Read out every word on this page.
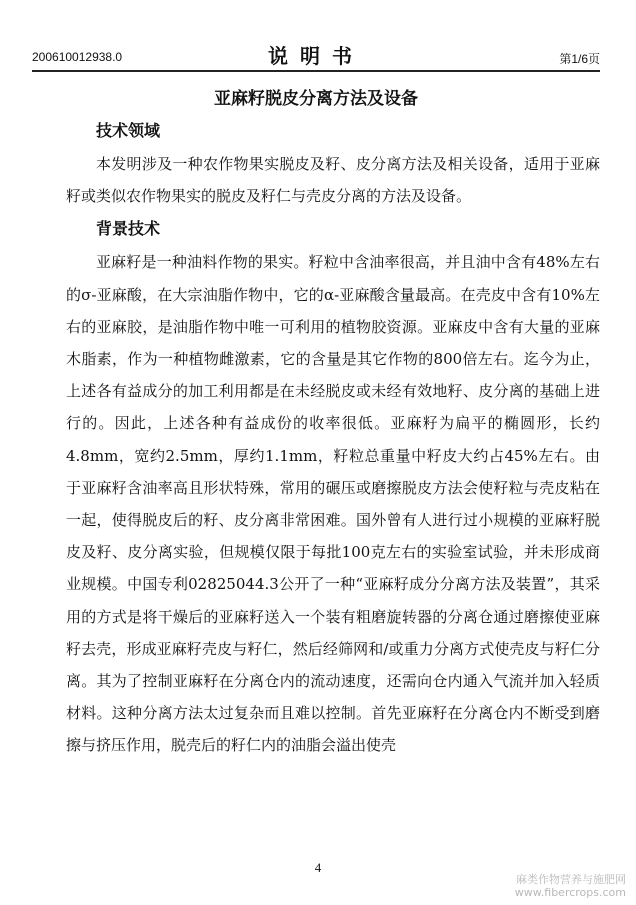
200610012938.0	说明书	第1/6页
亚麻籽脱皮分离方法及设备
技术领域

本发明涉及一种农作物果实脱皮及籽、皮分离方法及相关设备，适用于亚麻籽或类似农作物果实的脱皮及籽仁与壳皮分离的方法及设备。

背景技术

亚麻籽是一种油料作物的果实。籽粒中含油率很高，并且油中含有48%左右的σ-亚麻酸，在大宗油脂作物中，它的α-亚麻酸含量最高。在壳皮中含有10%左右的亚麻胶，是油脂作物中唯一可利用的植物胶资源。亚麻皮中含有大量的亚麻木脂素，作为一种植物雌激素，它的含量是其它作物的800倍左右。迄今为止，上述各有益成分的加工利用都是在未经脱皮或未经有效地籽、皮分离的基础上进行的。因此，上述各种有益成份的收率很低。亚麻籽为扁平的椭圆形，长约4.8mm，宽约2.5mm，厚约1.1mm，籽粒总重量中籽皮大约占45%左右。由于亚麻籽含油率高且形状特殊，常用的碾压或磨擦脱皮方法会使籽粒与壳皮粘在一起，使得脱皮后的籽、皮分离非常困难。国外曾有人进行过小规模的亚麻籽脱皮及籽、皮分离实验，但规模仅限于每批100克左右的实验室试验，并未形成商业规模。中国专利02825044.3公开了一种“亚麻籽成分分离方法及装置”，其采用的方式是将干燥后的亚麻籽送入一个装有粗磨旋转器的分离仓通过磨擦使亚麻籽去壳，形成亚麻籽壳皮与籽仁，然后经筛网和/或重力分离方式使壳皮与籽仁分离。其为了控制亚麻籽在分离仓内的流动速度，还需向仓内通入气流并加入轻质材料。这种分离方法太过复杂而且难以控制。首先亚麻籽在分离仓内不断受到磨擦与挤压作用，脱壳后的籽仁内的油脂会溢出使壳

4
麻类作物营养与施肥网
www.fibercrops.com
